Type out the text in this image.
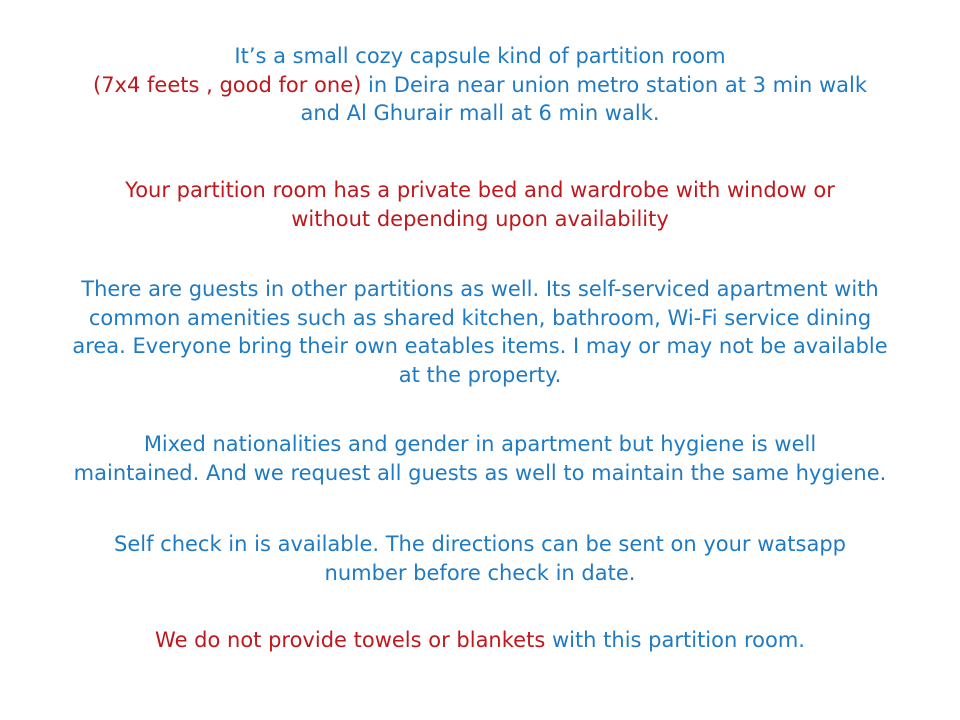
It’s a small cozy capsule kind of partition room
(7x4 feets , good for one) in Deira near union metro station at 3 min walk
and Al Ghurair mall at 6 min walk.
Your partition room has a private bed and wardrobe with window or
without depending upon availability
There are guests in other partitions as well. Its self-serviced apartment with
common amenities such as shared kitchen, bathroom, Wi-Fi service dining
area. Everyone bring their own eatables items. I may or may not be available
at the property.
Mixed nationalities and gender in apartment but hygiene is well
maintained. And we request all guests as well to maintain the same hygiene.
Self check in is available. The directions can be sent on your watsapp
number before check in date.
We do not provide towels or blankets with this partition room.
